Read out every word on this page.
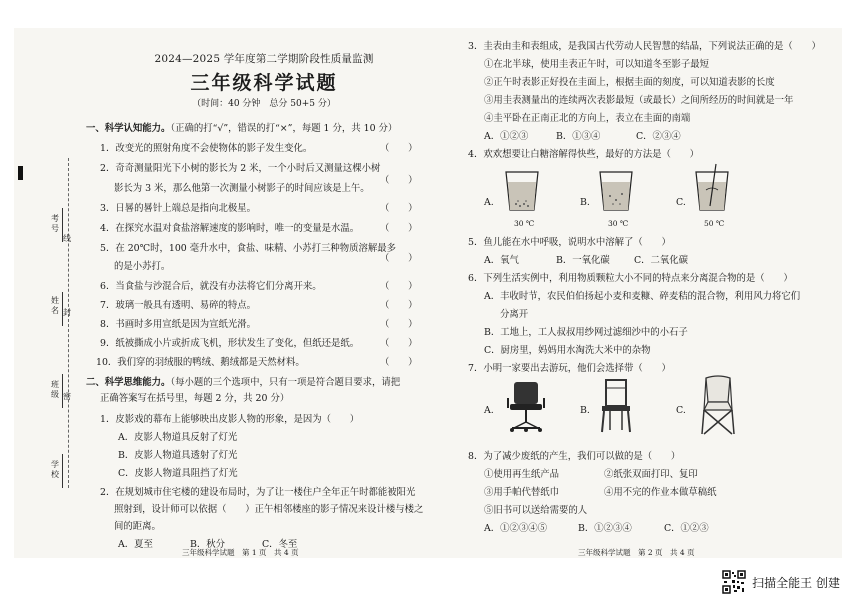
考号
姓名 封
班级 密
学校
线
2024—2025 学年度第二学期阶段性质量监测
三年级科学试题
（时间：40 分钟　总分 50+5 分）
一、科学认知能力。（正确的打“√”，错误的打“×”，每题 1 分，共 10 分）
1．改变光的照射角度不会使物体的影子发生变化。	（　　）
2．奇奇测量阳光下小树的影长为 2 米，一个小时后又测量这棵小树
（　　）
影长为 3 米，那么他第一次测量小树影子的时间应该是上午。
3．日晷的晷针上端总是指向北极星。	（　　）
4．在探究水温对食盐溶解速度的影响时，唯一的变量是水温。 （　　）
5．在 20℃时，100 毫升水中，食盐、味精、小苏打三种物质溶解最多
（　　）
的是小苏打。
6．当食盐与沙混合后，就没有办法将它们分离开来。	（　　）
7．玻璃一般具有透明、易碎的特点。	（　　）
8．书画时多用宣纸是因为宣纸光滑。	（　　）
9．纸被撕成小片或折成飞机，形状发生了变化，但纸还是纸。 （　　）
10．我们穿的羽绒服的鸭绒、鹅绒都是天然材料。	（　　）
二、科学思维能力。（每小题的三个选项中，只有一项是符合题目要求，请把
正确答案写在括号里，每题 2 分，共 20 分）
1．皮影戏的幕布上能够映出皮影人物的形象，是因为（　　）
A．皮影人物道具反射了灯光
B．皮影人物道具透射了灯光
C．皮影人物道具阻挡了灯光
2．在规划城市住宅楼的建设布局时，为了让一楼住户全年正午时都能被阳光
照射到，设计师可以依据（　　）正午相邻楼座的影子情况来设计楼与楼之
间的距离。
A．夏至	B．秋分	C．冬至
三年级科学试题　第 1 页　共 4 页
3．圭表由圭和表组成，是我国古代劳动人民智慧的结晶，下列说法正确的是（　　）
①在北半球，使用圭表正午时，可以知道冬至影子最短
②正午时表影正好投在圭面上，根据圭面的刻度，可以知道表影的长度
③用圭表测量出的连续两次表影最短（或最长）之间所经历的时间就是一年
④圭平卧在正南正北的方向上，表立在圭面的南端
A．①②③	B．①③④	C．②③④
4．欢欢想要让白糖溶解得快些，最好的方法是（　　）
A.
30 ℃
B.
30 ℃
C.
50 ℃
5．鱼儿能在水中呼吸，说明水中溶解了（　　）
A．氧气	B．一氧化碳	C．二氧化碳
6．下列生活实例中，利用物质颗粒大小不同的特点来分离混合物的是（　　）
A．丰收时节，农民伯伯扬起小麦和麦糠、碎麦秸的混合物，利用风力将它们
分离开
B．工地上，工人叔叔用纱网过滤细沙中的小石子
C．厨房里，妈妈用水淘洗大米中的杂物
7．小明一家要出去游玩，他们会选择带（　　）
A.	B.	C.
8．为了减少废纸的产生，我们可以做的是（　　）
①使用再生纸产品	②纸张双面打印、复印
③用手帕代替纸巾	④用不完的作业本做草稿纸
⑤旧书可以送给需要的人
A．①②③④⑤	B．①②③④	C．①②③
三年级科学试题　第 2 页　共 4 页
扫描全能王 创建
